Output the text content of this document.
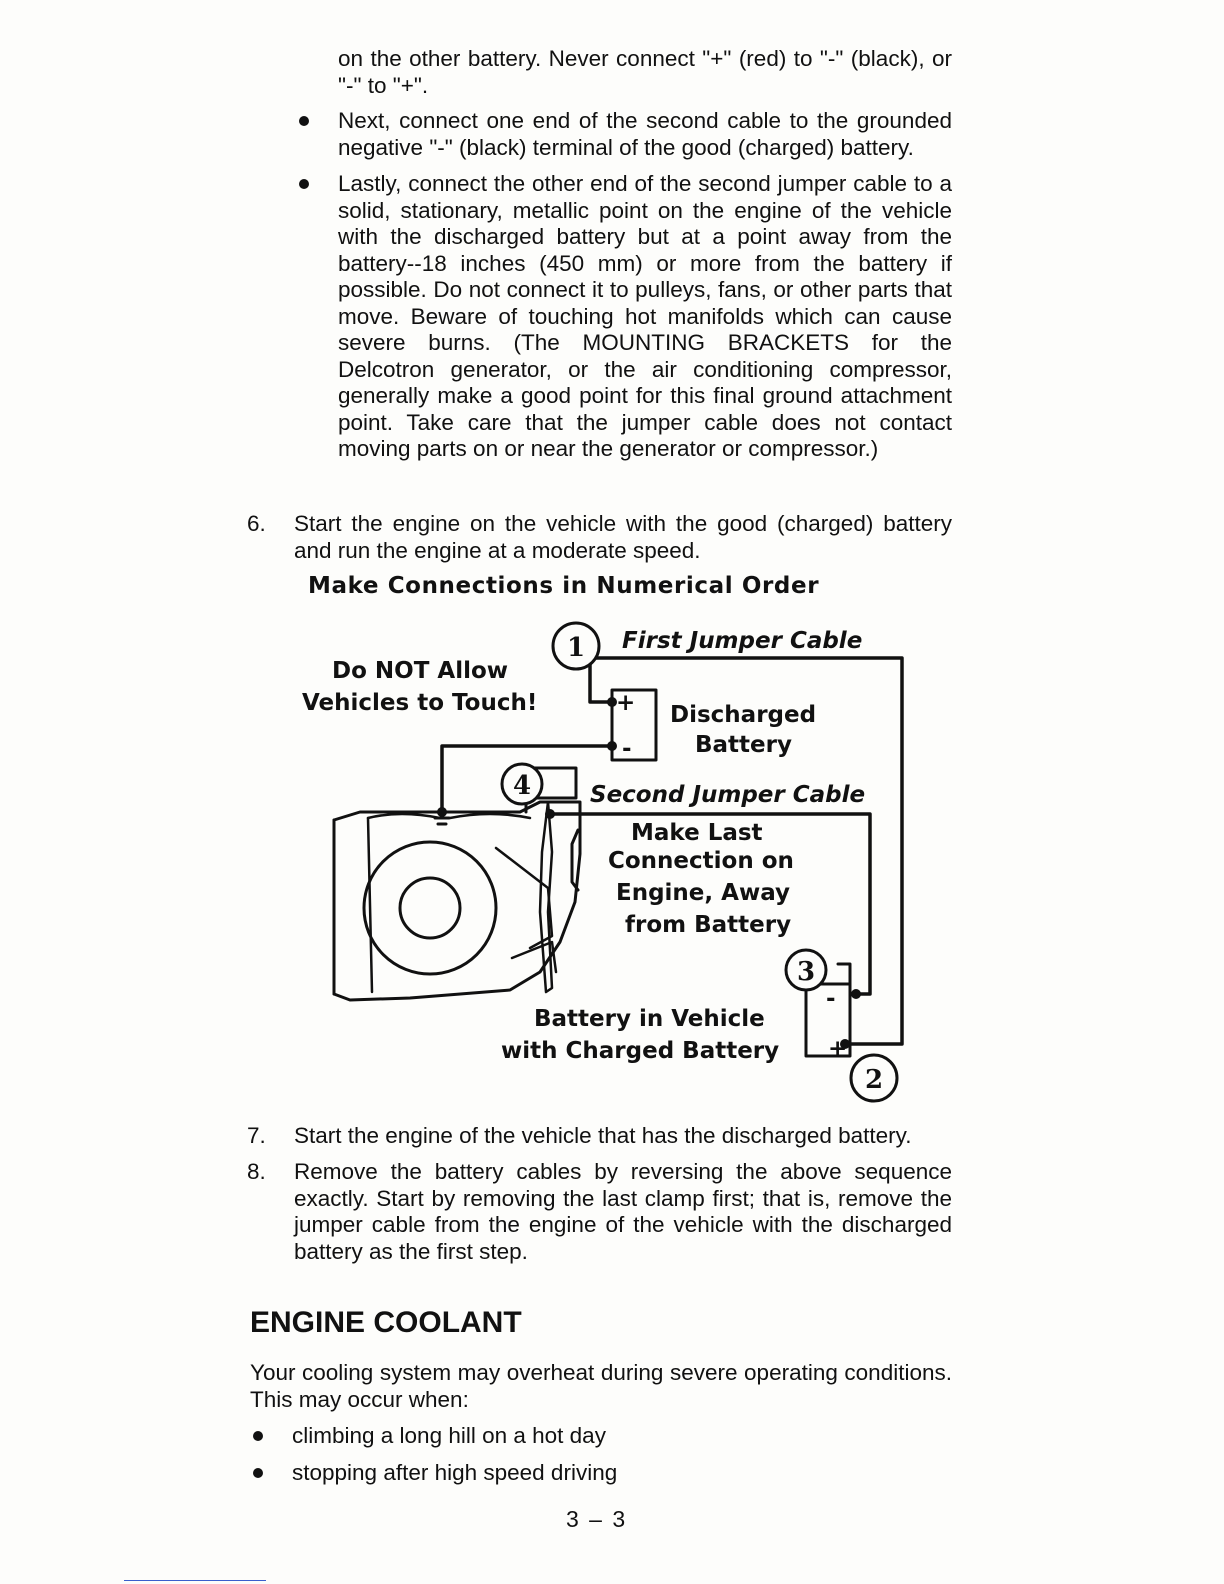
on the other battery. Never connect "+" (red) to "-" (black), or "-" to "+".

Next, connect one end of the second cable to the grounded negative "-" (black) terminal of the good (charged) battery.

Lastly, connect the other end of the second jumper cable to a solid, stationary, metallic point on the engine of the vehicle with the discharged battery but at a point away from the battery--18 inches (450 mm) or more from the battery if possible. Do not connect it to pulleys, fans, or other parts that move. Beware of touching hot manifolds which can cause severe burns. (The MOUNTING BRACKETS for the Delcotron generator, or the air conditioning compressor, generally make a good point for this final ground attachment point. Take care that the jumper cable does not contact moving parts on or near the generator or compressor.)

6. Start the engine on the vehicle with the good (charged) battery and run the engine at a moderate speed.

Make Connections in Numerical Order

+
-
-
+
1
2
3
4
First Jumper Cable
Do NOT Allow
Vehicles to Touch!	Discharged
Battery
Second Jumper Cable
Make Last
Connection on
Engine, Away
from Battery
Battery in Vehicle
with Charged Battery

7. Start the engine of the vehicle that has the discharged battery.

8. Remove the battery cables by reversing the above sequence exactly. Start by removing the last clamp first; that is, remove the jumper cable from the engine of the vehicle with the discharged battery as the first step.

ENGINE COOLANT

Your cooling system may overheat during severe operating conditions. This may occur when:

climbing a long hill on a hot day

stopping after high speed driving

3 – 3
